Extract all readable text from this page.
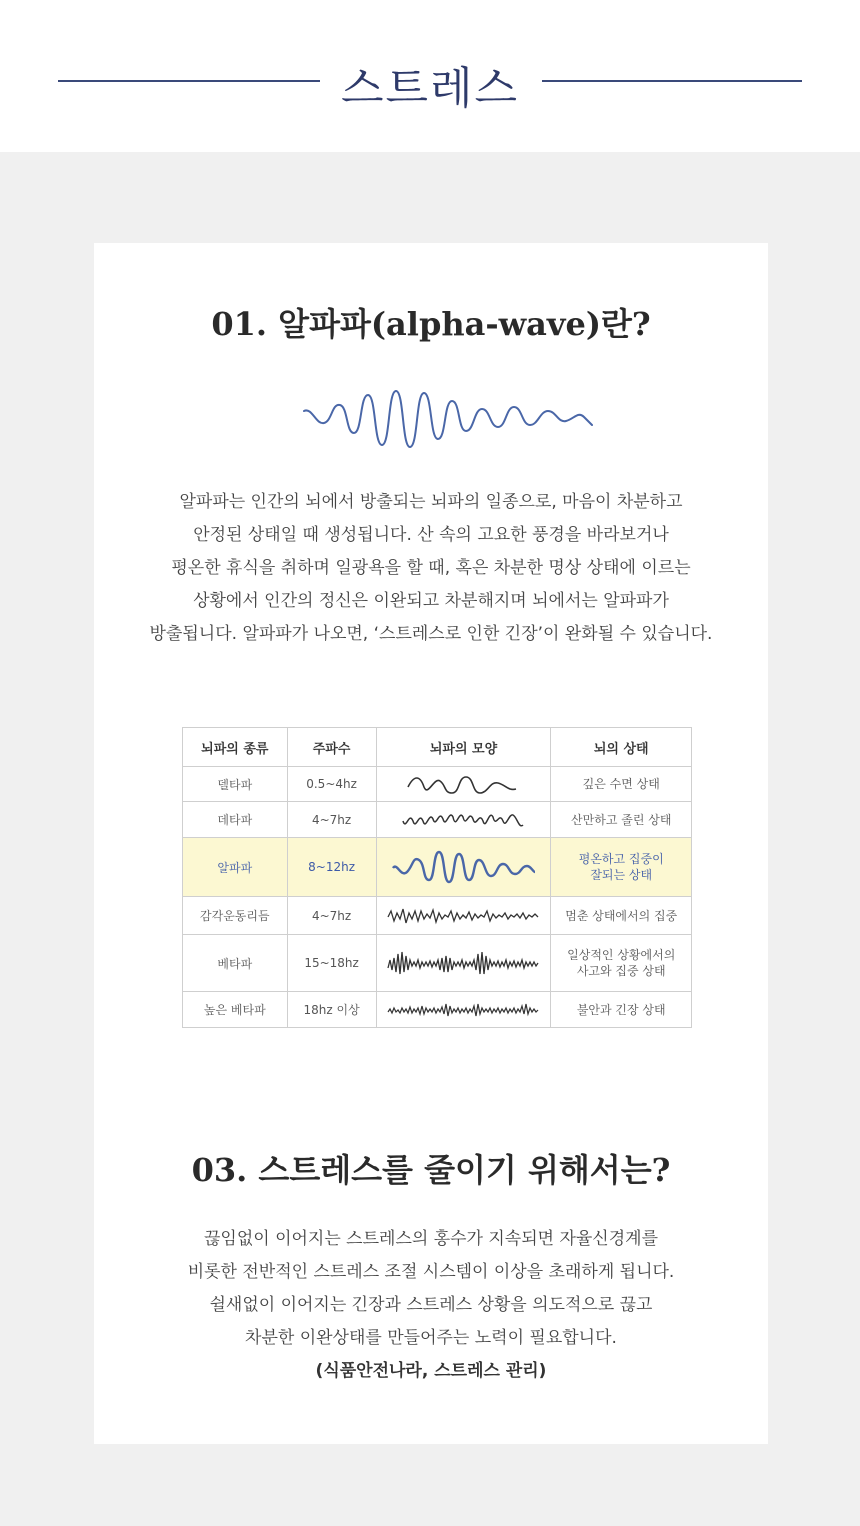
스트레스
01. 알파파(alpha-wave)란?
알파파는 인간의 뇌에서 방출되는 뇌파의 일종으로, 마음이 차분하고
안정된 상태일 때 생성됩니다. 산 속의 고요한 풍경을 바라보거나
평온한 휴식을 취하며 일광욕을 할 때, 혹은 차분한 명상 상태에 이르는
상황에서 인간의 정신은 이완되고 차분해지며 뇌에서는 알파파가
방출됩니다. 알파파가 나오면, ‘스트레스로 인한 긴장’이 완화될 수 있습니다.
뇌파의 종류	주파수	뇌파의 모양	뇌의 상태
델타파	0.5~4hz		깊은 수면 상태
데타파	4~7hz		산만하고 졸린 상태
알파파	8~12hz		평온하고 집중이
잘되는 상태

감각운동리듬	4~7hz		멈춘 상태에서의 집중
베타파	15~18hz		일상적인 상황에서의
사고와 집중 상태

높은 베타파	18hz 이상		불안과 긴장 상태
03. 스트레스를 줄이기 위해서는?
끊임없이 이어지는 스트레스의 홍수가 지속되면 자율신경계를
비롯한 전반적인 스트레스 조절 시스템이 이상을 초래하게 됩니다.
쉴새없이 이어지는 긴장과 스트레스 상황을 의도적으로 끊고
차분한 이완상태를 만들어주는 노력이 필요합니다.
(식품안전나라, 스트레스 관리)
